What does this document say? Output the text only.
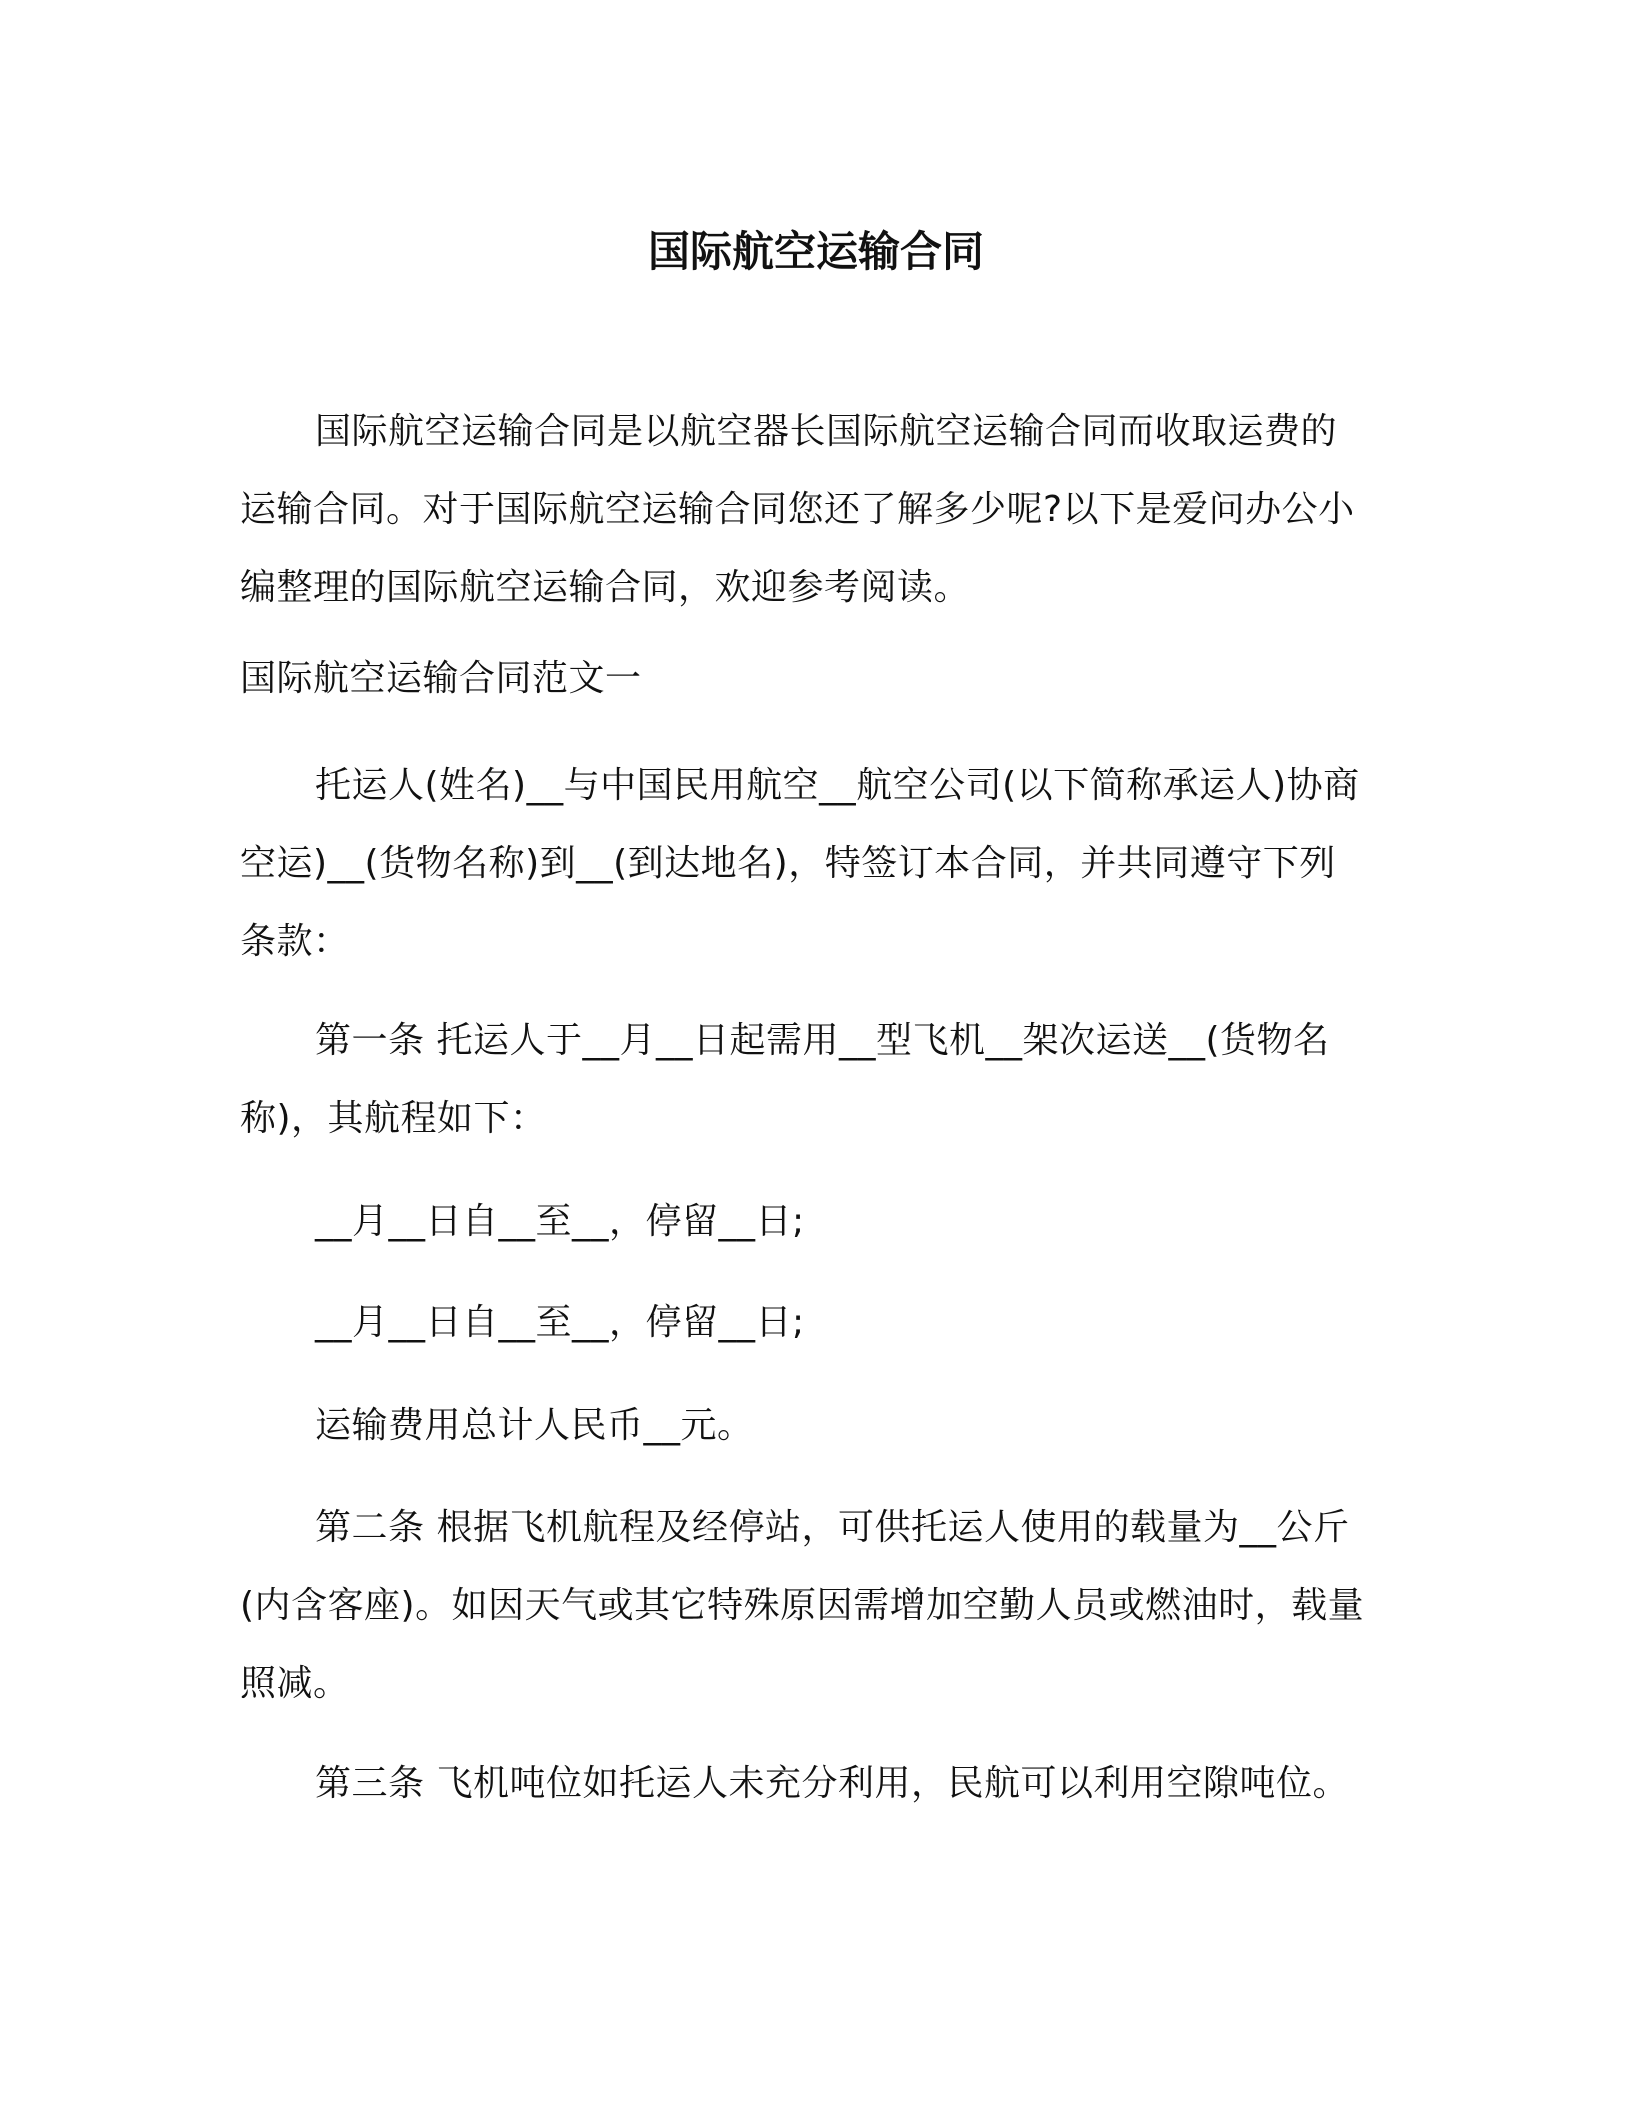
国际航空运输合同
国际航空运输合同是以航空器长国际航空运输合同而收取运费的
运输合同。对于国际航空运输合同您还了解多少呢?以下是爱问办公小
编整理的国际航空运输合同，欢迎参考阅读。
国际航空运输合同范文一
托运人(姓名)__与中国民用航空__航空公司(以下简称承运人)协商
空运)__(货物名称)到__(到达地名)，特签订本合同，并共同遵守下列
条款：
第一条 托运人于__月__日起需用__型飞机__架次运送__(货物名
称)，其航程如下：
__月__日自__至__，停留__日;
__月__日自__至__，停留__日;
运输费用总计人民币__元。
第二条 根据飞机航程及经停站，可供托运人使用的载量为__公斤
(内含客座)。如因天气或其它特殊原因需增加空勤人员或燃油时，载量
照减。
第三条 飞机吨位如托运人未充分利用，民航可以利用空隙吨位。
